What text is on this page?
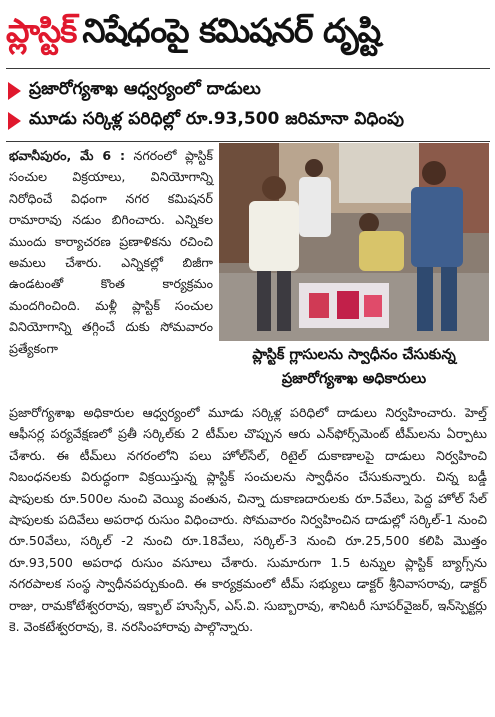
ప్లాస్టిక్ నిషేధంపై కమిషనర్ దృష్టి
ప్రజారోగ్యశాఖ ఆధ్వర్యంలో దాడులు
మూడు సర్కిళ్ల పరిధిల్లో రూ.93,500 జరిమానా విధింపు

భవానీపురం, మే 6 : నగరంలో ప్లాస్టిక్ సంచుల విక్రయాలు, వినియోగాన్ని నిరోధించే విధంగా నగర కమిషనర్ రామారావు నడుం బిగించారు. ఎన్నికల ముందు కార్యాచరణ ప్రణాళికను రచించి అమలు చేశారు. ఎన్నికల్లో బిజీగా ఉండటంతో కొంత కార్యక్రమం మందగించింది. మళ్లీ ప్లాస్టిక్ సంచుల వినియోగాన్ని తగ్గించే దుకు సోమవారం ప్రత్యేకంగా	ప్లాస్టిక్ గ్లాసులను స్వాధీనం చేసుకున్న
ప్రజారోగ్యశాఖ అధికారులు

ప్రజారోగ్యశాఖ అధికారుల ఆధ్వర్యంలో మూడు సర్కిళ్ల పరిధిలో దాడులు నిర్వహించారు. హెల్త్ ఆఫీసర్ల పర్యవేక్షణలో ప్రతీ సర్కిల్‌కు 2 టీమ్‌ల చొప్పున ఆరు ఎన్‌ఫోర్స్‌మెంట్ టీమ్‌లను ఏర్పాటు చేశారు. ఈ టీమ్‌లు నగరంలోని పలు హోల్‌సేల్, రిటైల్ దుకాణాలపై దాడులు నిర్వహించి నిబంధనలకు విరుద్ధంగా విక్రయిస్తున్న ప్లాస్టిక్ సంచులను స్వాధీనం చేసుకున్నారు. చిన్న బడ్డీ షాపులకు రూ.500ల నుంచి వెయ్యి వంతున, చిన్నా దుకాణదారులకు రూ.5వేలు, పెద్ద హోల్ సేల్ షాపులకు పదివేలు అపరాధ రుసుం విధించారు. సోమవారం నిర్వహించిన దాడుల్లో సర్కిల్-1 నుంచి రూ.50వేలు, సర్కిల్ -2 నుంచి రూ.18వేలు, సర్కిల్-3 నుంచి రూ.25,500 కలిపి మొత్తం రూ.93,500 అపరాధ రుసుం వసూలు చేశారు. సుమారుగా 1.5 టన్నుల ప్లాస్టిక్ బ్యాగ్స్‌ను నగరపాలక సంస్థ స్వాధీనపర్చుకుంది. ఈ కార్యక్రమంలో టీమ్ సభ్యులు డాక్టర్ శ్రీనివాసరావు, డాక్టర్ రాజు, రామకోటేశ్వరరావు, ఇక్బాల్ హుస్సేన్, ఎస్.వి. సుబ్బారావు, శానిటరీ సూపర్‌వైజర్, ఇన్‌స్పెక్టర్లు కె. వెంకటేశ్వరరావు, కె. నరసింహారావు పాల్గొన్నారు.
